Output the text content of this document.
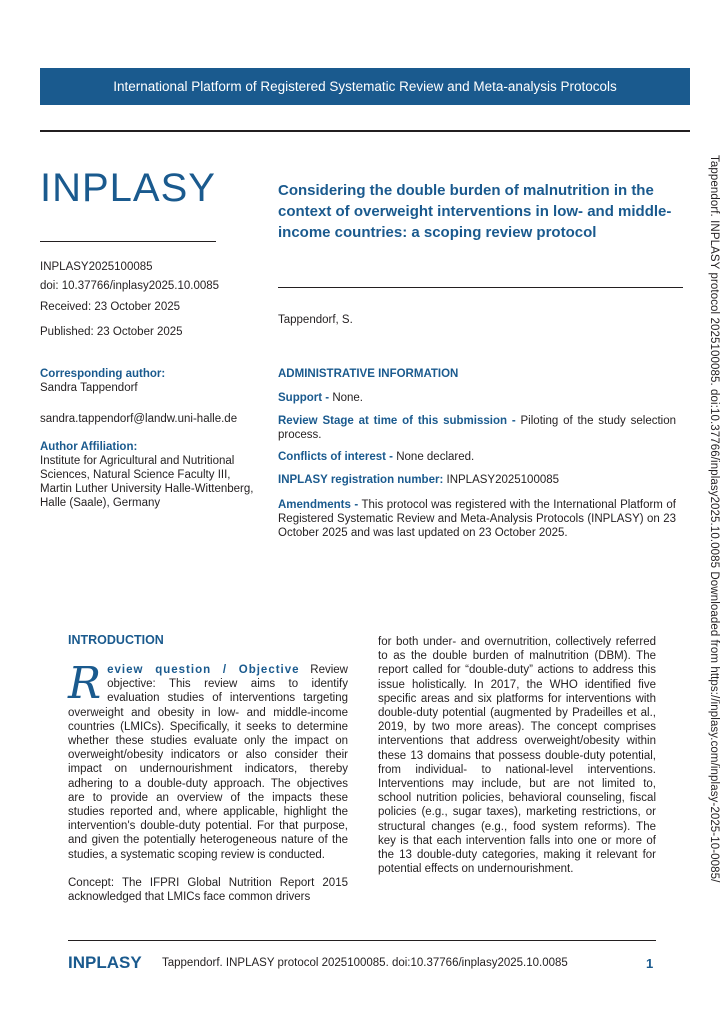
International Platform of Registered Systematic Review and Meta-analysis Protocols
INPLASY	Considering the double burden of malnutrition in the context of overweight interventions in low- and middle-income countries: a scoping review protocol
INPLASY2025100085
doi: 10.37766/inplasy2025.10.0085
Received: 23 October 2025
Published: 23 October 2025
Tappendorf, S.
Corresponding author:
Sandra Tappendorf
sandra.tappendorf@landw.uni-halle.de
Author Affiliation:
Institute for Agricultural and Nutritional Sciences, Natural Science Faculty III, Martin Luther University Halle-Wittenberg, Halle (Saale), Germany
ADMINISTRATIVE INFORMATION
Support - None.
Review Stage at time of this submission - Piloting of the study selection process.
Conflicts of interest - None declared.
INPLASY registration number: INPLASY2025100085
Amendments - This protocol was registered with the International Platform of Registered Systematic Review and Meta-Analysis Protocols (INPLASY) on 23 October 2025 and was last updated on 23 October 2025.	Tappendorf. INPLASY protocol 2025100085. doi:10.37766/inplasy2025.10.0085 Downloaded from https://inplasy.com/inplasy-2025-10-0085/
INTRODUCTION

R eview question / Objective Review objective: This review aims to identify evaluation studies of interventions targeting overweight and obesity in low- and middle-income countries (LMICs). Specifically, it seeks to determine whether these studies evaluate only the impact on overweight/obesity indicators or also consider their impact on undernourishment indicators, thereby adhering to a double-duty approach. The objectives are to provide an overview of the impacts these studies reported and, where applicable, highlight the intervention's double-duty potential. For that purpose, and given the potentially heterogeneous nature of the studies, a systematic scoping review is conducted.

Concept: The IFPRI Global Nutrition Report 2015 acknowledged that LMICs face common drivers

for both under- and overnutrition, collectively referred to as the double burden of malnutrition (DBM). The report called for “double-duty” actions to address this issue holistically. In 2017, the WHO identified five specific areas and six platforms for interventions with double-duty potential (augmented by Pradeilles et al., 2019, by two more areas). The concept comprises interventions that address overweight/obesity within these 13 domains that possess double-duty potential, from individual- to national-level interventions. Interventions may include, but are not limited to, school nutrition policies, behavioral counseling, fiscal policies (e.g., sugar taxes), marketing restrictions, or structural changes (e.g., food system reforms). The key is that each intervention falls into one or more of the 13 double-duty categories, making it relevant for potential effects on undernourishment.

INPLASY Tappendorf. INPLASY protocol 2025100085. doi:10.37766/inplasy2025.10.0085	1
